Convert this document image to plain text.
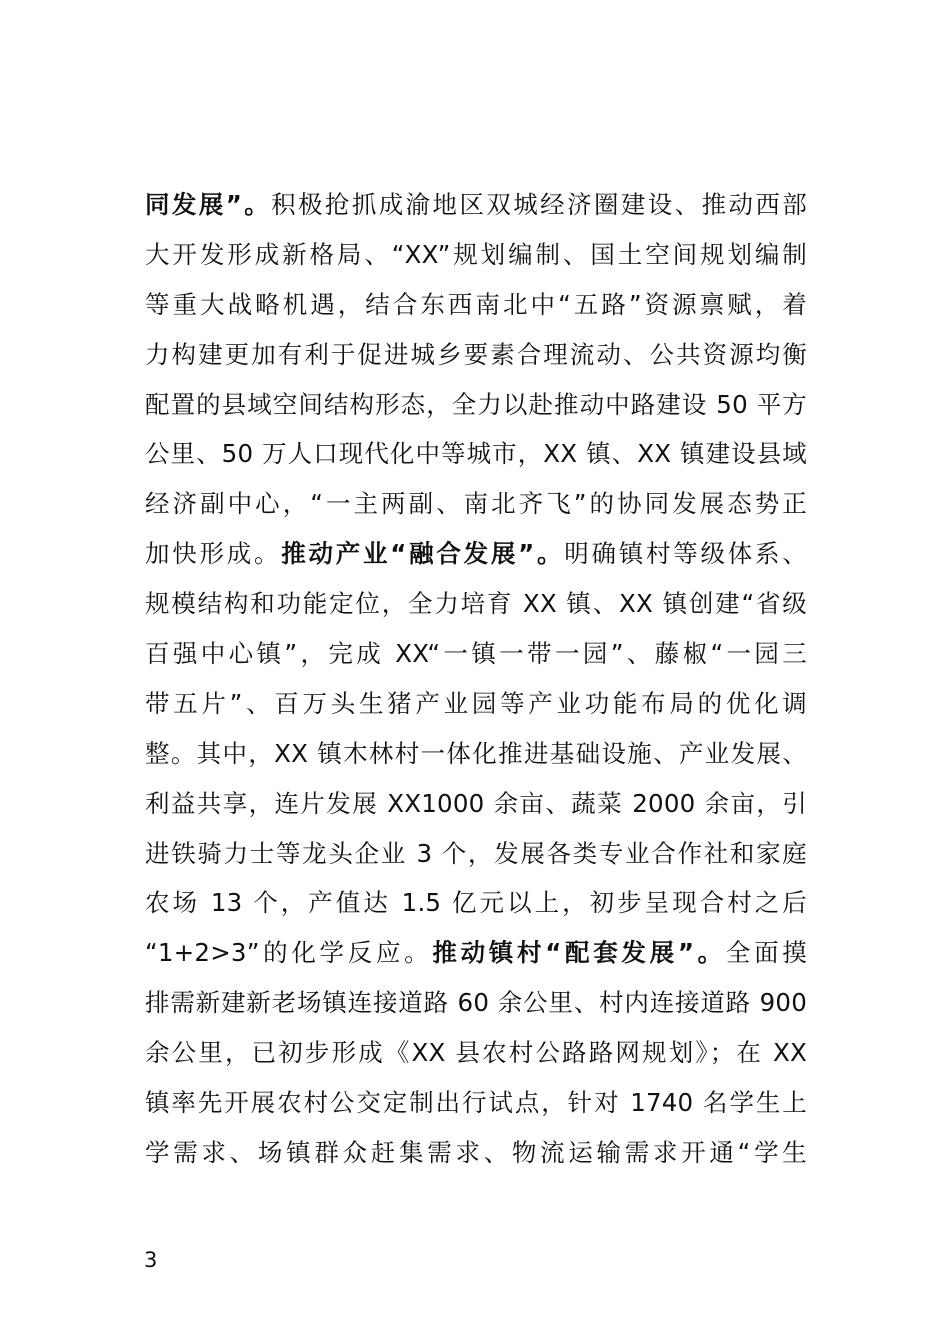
同发展”。积极抢抓成渝地区双城经济圈建设、推动西部
大开发形成新格局、“XX”规划编制、国土空间规划编制
等重大战略机遇，结合东西南北中“五路”资源禀赋，着
力构建更加有利于促进城乡要素合理流动、公共资源均衡
配置的县域空间结构形态，全力以赴推动中路建设 50 平方
公里、50 万人口现代化中等城市，XX 镇、XX 镇建设县域
经济副中心，“一主两副、南北齐飞”的协同发展态势正
加快形成。推动产业“融合发展”。明确镇村等级体系、
规模结构和功能定位，全力培育 XX 镇、XX 镇创建“省级
百强中心镇”，完成 XX“一镇一带一园”、藤椒“一园三
带五片”、百万头生猪产业园等产业功能布局的优化调
整。其中，XX 镇木林村一体化推进基础设施、产业发展、
利益共享，连片发展 XX1000 余亩、蔬菜 2000 余亩，引
进铁骑力士等龙头企业 3 个，发展各类专业合作社和家庭
农场 13 个，产值达 1.5 亿元以上，初步呈现合村之后
“1+2>3”的化学反应。推动镇村“配套发展”。全面摸
排需新建新老场镇连接道路 60 余公里、村内连接道路 900
余公里，已初步形成《XX 县农村公路路网规划》；在 XX
镇率先开展农村公交定制出行试点，针对 1740 名学生上
学需求、场镇群众赶集需求、物流运输需求开通“学生
3
